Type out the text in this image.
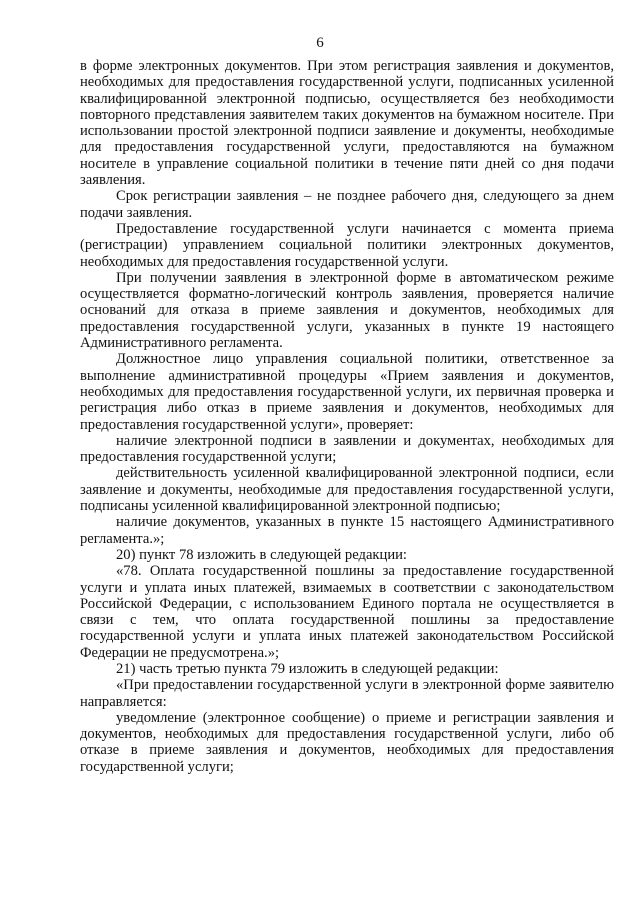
6

в форме электронных документов. При этом регистрация заявления и документов, необходимых для предоставления государственной услуги, подписанных усиленной квалифицированной электронной подписью, осуществляется без необходимости повторного представления заявителем таких документов на бумажном носителе. При использовании простой электронной подписи заявление и документы, необходимые для предоставления государственной услуги, предоставляются на бумажном носителе в управление социальной политики в течение пяти дней со дня подачи заявления.

Срок регистрации заявления – не позднее рабочего дня, следующего за днем подачи заявления.

Предоставление государственной услуги начинается с момента приема (регистрации) управлением социальной политики электронных документов, необходимых для предоставления государственной услуги.

При получении заявления в электронной форме в автоматическом режиме осуществляется форматно-логический контроль заявления, проверяется наличие оснований для отказа в приеме заявления и документов, необходимых для предоставления государственной услуги, указанных в пункте 19 настоящего Административного регламента.

Должностное лицо управления социальной политики, ответственное за выполнение административной процедуры «Прием заявления и документов, необходимых для предоставления государственной услуги, их первичная проверка и регистрация либо отказ в приеме заявления и документов, необходимых для предоставления государственной услуги», проверяет:

наличие электронной подписи в заявлении и документах, необходимых для предоставления государственной услуги;

действительность усиленной квалифицированной электронной подписи, если заявление и документы, необходимые для предоставления государственной услуги, подписаны усиленной квалифицированной электронной подписью;

наличие документов, указанных в пункте 15 настоящего Административного регламента.»;

20) пункт 78 изложить в следующей редакции:

«78. Оплата государственной пошлины за предоставление государственной услуги и уплата иных платежей, взимаемых в соответствии с законодательством Российской Федерации, с использованием Единого портала не осуществляется в связи с тем, что оплата государственной пошлины за предоставление государственной услуги и уплата иных платежей законодательством Российской Федерации не предусмотрена.»;

21) часть третью пункта 79 изложить в следующей редакции:

«При предоставлении государственной услуги в электронной форме заявителю направляется:

уведомление (электронное сообщение) о приеме и регистрации заявления и документов, необходимых для предоставления государственной услуги, либо об отказе в приеме заявления и документов, необходимых для предоставления государственной услуги;
